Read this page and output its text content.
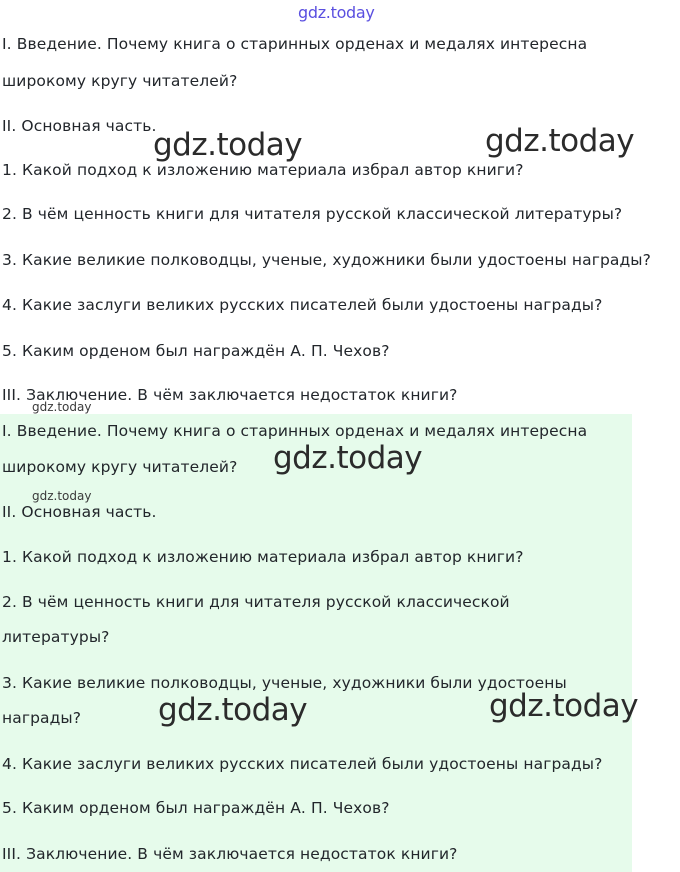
gdz.today
I. Введение. Почему книга о старинных орденах и медалях интересна
широкому кругу читателей?
II. Основная часть.
1. Какой подход к изложению материала избрал автор книги?
2. В чём ценность книги для читателя русской классической литературы?
3. Какие великие полководцы, ученые, художники были удостоены награды?
4. Какие заслуги великих русских писателей были удостоены награды?
5. Каким орденом был награждён А. П. Чехов?
III. Заключение. В чём заключается недостаток книги?
I. Введение. Почему книга о старинных орденах и медалях интересна
широкому кругу читателей?
II. Основная часть.
1. Какой подход к изложению материала избрал автор книги?
2. В чём ценность книги для читателя русской классической
литературы?
3. Какие великие полководцы, ученые, художники были удостоены
награды?
4. Какие заслуги великих русских писателей были удостоены награды?
5. Каким орденом был награждён А. П. Чехов?
III. Заключение. В чём заключается недостаток книги?
gdz.today	gdz.today
gdz.today
gdz.today
gdz.today
gdz.today	gdz.today
